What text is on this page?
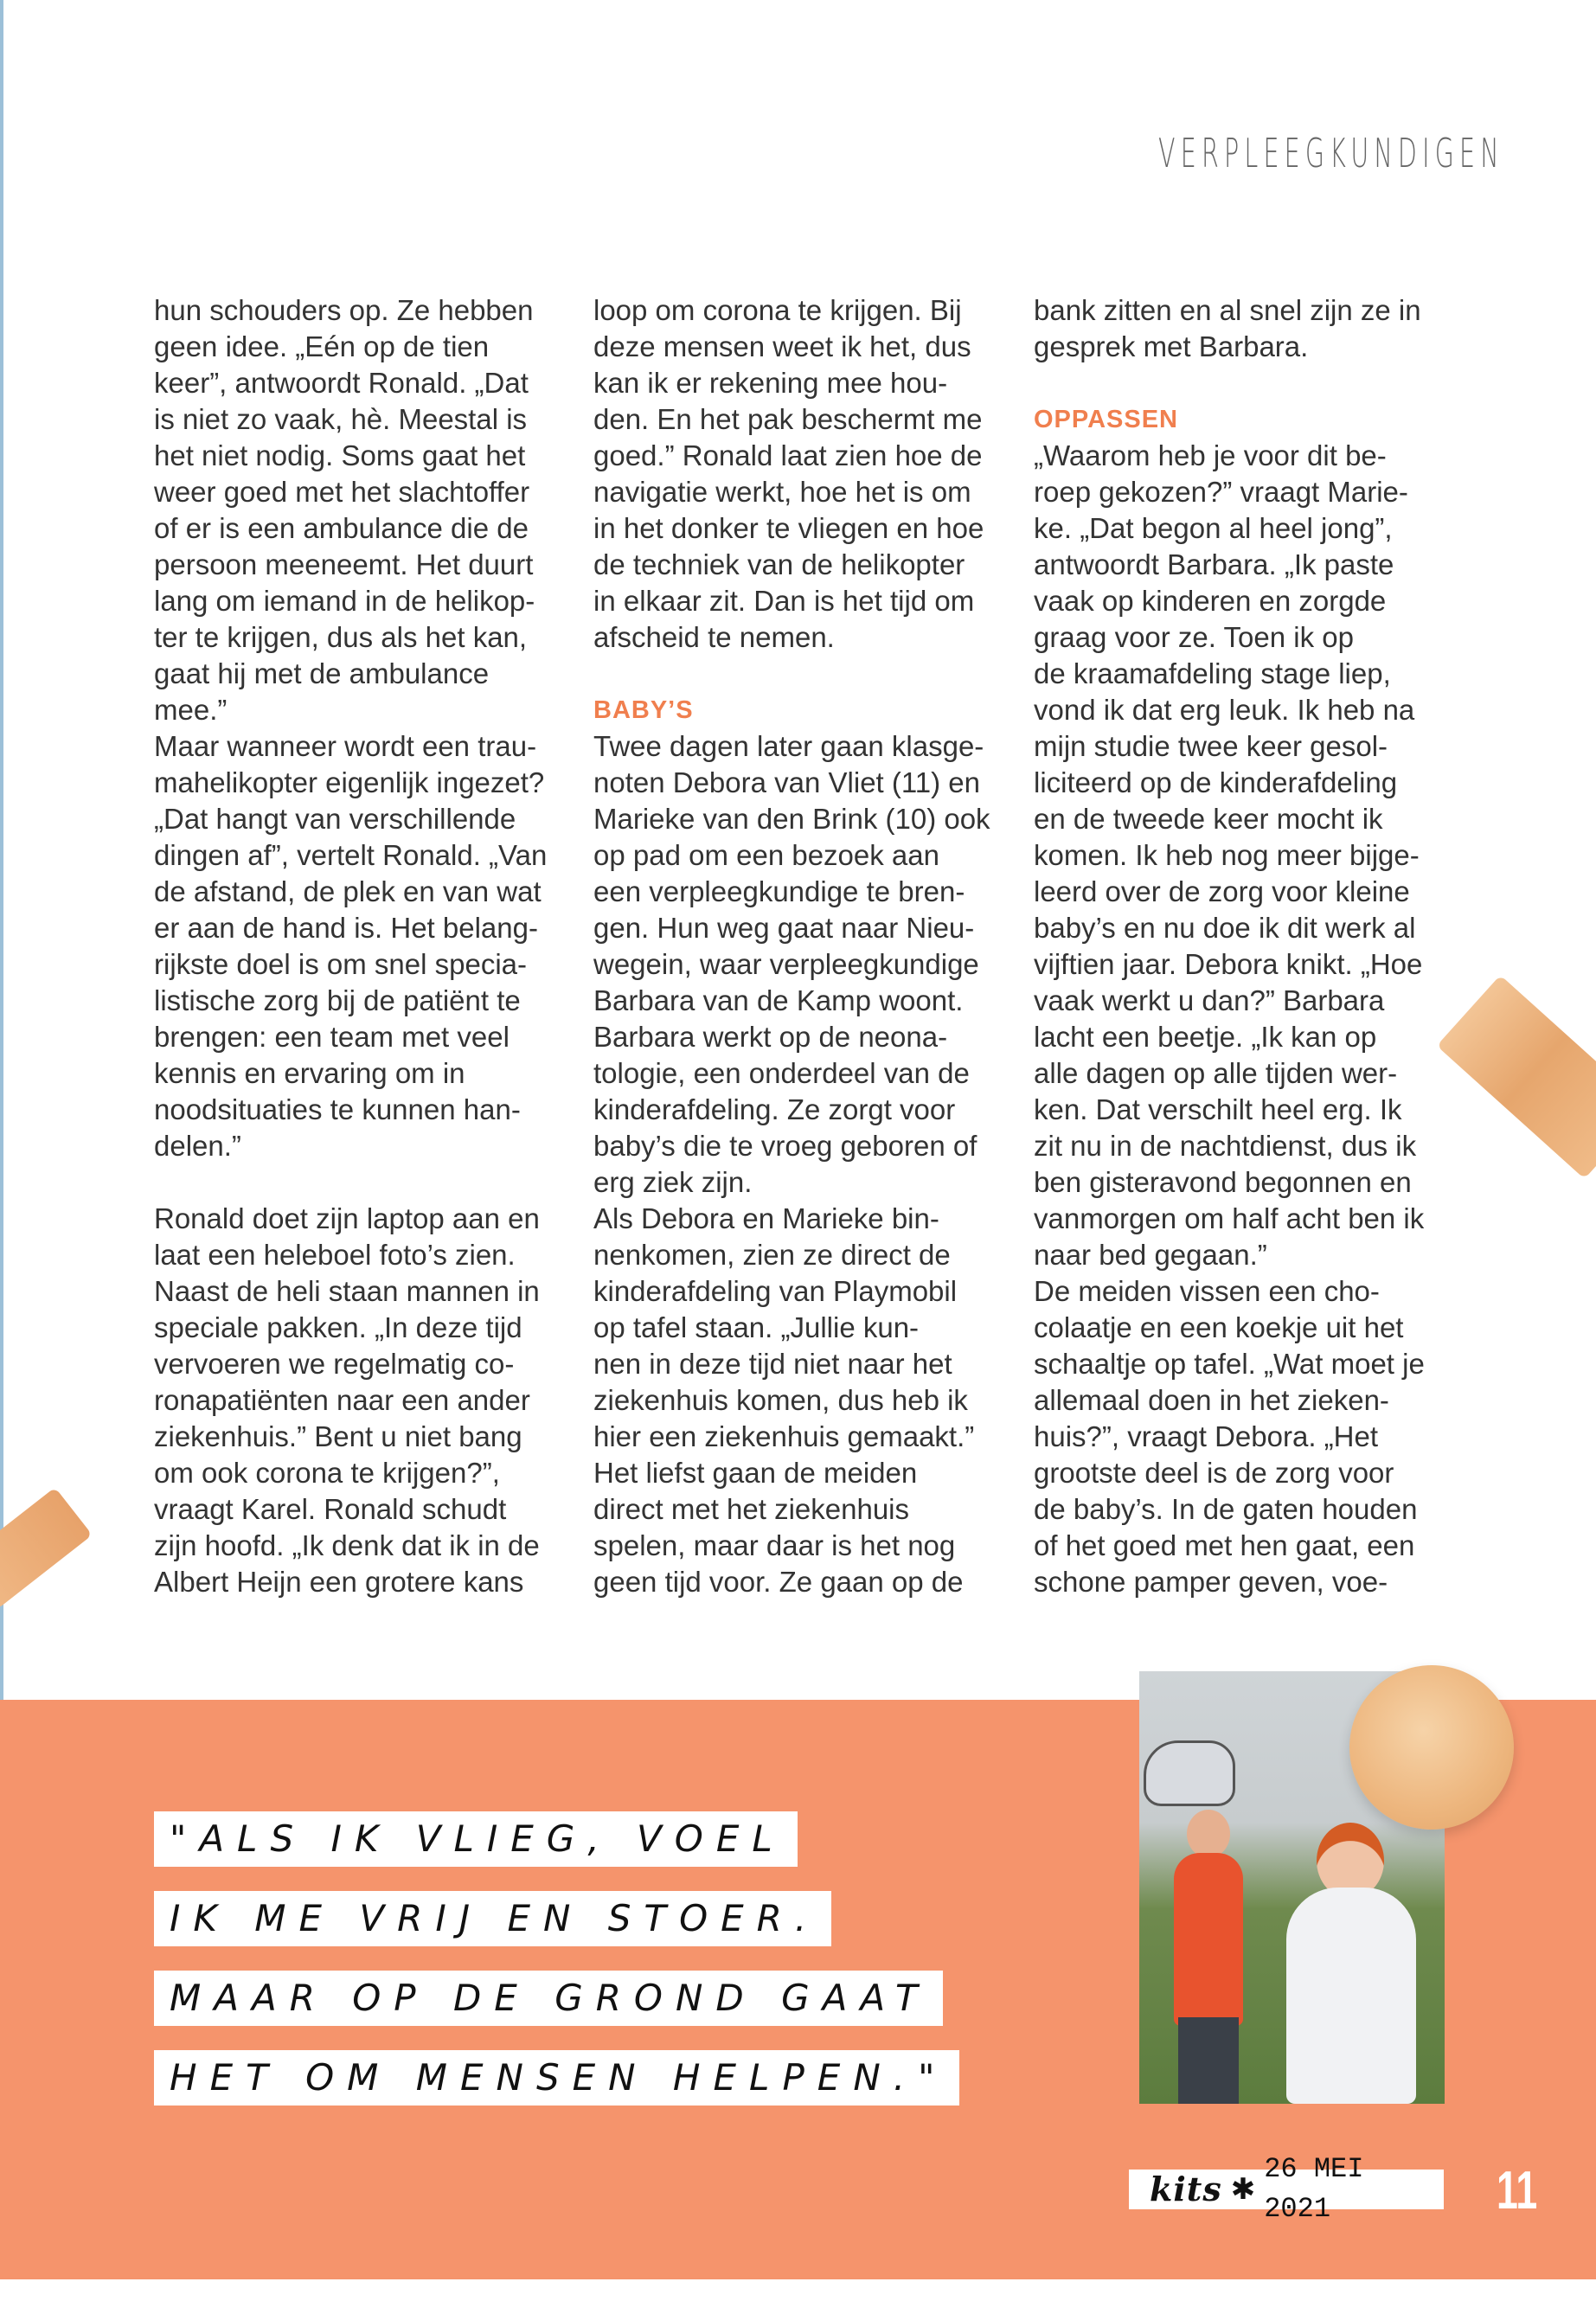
VERPLEEGKUNDIGEN

hun schouders op. Ze hebben
geen idee. „Eén op de tien
keer”, antwoordt Ronald. „Dat
is niet zo vaak, hè. Meestal is
het niet nodig. Soms gaat het
weer goed met het slachtoffer
of er is een ambulance die de
persoon meeneemt. Het duurt
lang om iemand in de helikop-
ter te krijgen, dus als het kan,
gaat hij met de ambulance
mee.”

Maar wanneer wordt een trau-
mahelikopter eigenlijk ingezet?
„Dat hangt van verschillende
dingen af”, vertelt Ronald. „Van
de afstand, de plek en van wat
er aan de hand is. Het belang-
rijkste doel is om snel specia-
listische zorg bij de patiënt te
brengen: een team met veel
kennis en ervaring om in
noodsituaties te kunnen han-
delen.”

Ronald doet zijn laptop aan en
laat een heleboel foto’s zien.
Naast de heli staan mannen in
speciale pakken. „In deze tijd
vervoeren we regelmatig co-
ronapatiënten naar een ander
ziekenhuis.” Bent u niet bang
om ook corona te krijgen?”,
vraagt Karel. Ronald schudt
zijn hoofd. „Ik denk dat ik in de
Albert Heijn een grotere kans

loop om corona te krijgen. Bij
deze mensen weet ik het, dus
kan ik er rekening mee hou-
den. En het pak beschermt me
goed.” Ronald laat zien hoe de
navigatie werkt, hoe het is om
in het donker te vliegen en hoe
de techniek van de helikopter
in elkaar zit. Dan is het tijd om
afscheid te nemen.

BABY’S

Twee dagen later gaan klasge-
noten Debora van Vliet (11) en
Marieke van den Brink (10) ook
op pad om een bezoek aan
een verpleegkundige te bren-
gen. Hun weg gaat naar Nieu-
wegein, waar verpleegkundige
Barbara van de Kamp woont.
Barbara werkt op de neona-
tologie, een onderdeel van de
kinderafdeling. Ze zorgt voor
baby’s die te vroeg geboren of
erg ziek zijn.

Als Debora en Marieke bin-
nenkomen, zien ze direct de
kinderafdeling van Playmobil
op tafel staan. „Jullie kun-
nen in deze tijd niet naar het
ziekenhuis komen, dus heb ik
hier een ziekenhuis gemaakt.”
Het liefst gaan de meiden
direct met het ziekenhuis
spelen, maar daar is het nog
geen tijd voor. Ze gaan op de

bank zitten en al snel zijn ze in
gesprek met Barbara.

OPPASSEN

„Waarom heb je voor dit be-
roep gekozen?” vraagt Marie-
ke. „Dat begon al heel jong”,
antwoordt Barbara. „Ik paste
vaak op kinderen en zorgde
graag voor ze. Toen ik op
de kraamafdeling stage liep,
vond ik dat erg leuk. Ik heb na
mijn studie twee keer gesol-
liciteerd op de kinderafdeling
en de tweede keer mocht ik
komen. Ik heb nog meer bijge-
leerd over de zorg voor kleine
baby’s en nu doe ik dit werk al
vijftien jaar. Debora knikt. „Hoe
vaak werkt u dan?” Barbara
lacht een beetje. „Ik kan op
alle dagen op alle tijden wer-
ken. Dat verschilt heel erg. Ik
zit nu in de nachtdienst, dus ik
ben gisteravond begonnen en
vanmorgen om half acht ben ik
naar bed gegaan.”

De meiden vissen een cho-
colaatje en een koekje uit het
schaaltje op tafel. „Wat moet je
allemaal doen in het zieken-
huis?”, vraagt Debora. „Het
grootste deel is de zorg voor
de baby’s. In de gaten houden
of het goed met hen gaat, een
schone pamper geven, voe-

"ALS IK VLIEG, VOEL
IK ME VRIJ EN STOER.
MAAR OP DE GROND GAAT
HET OM MENSEN HELPEN."
kits ✱
26 MEI 2021	11
